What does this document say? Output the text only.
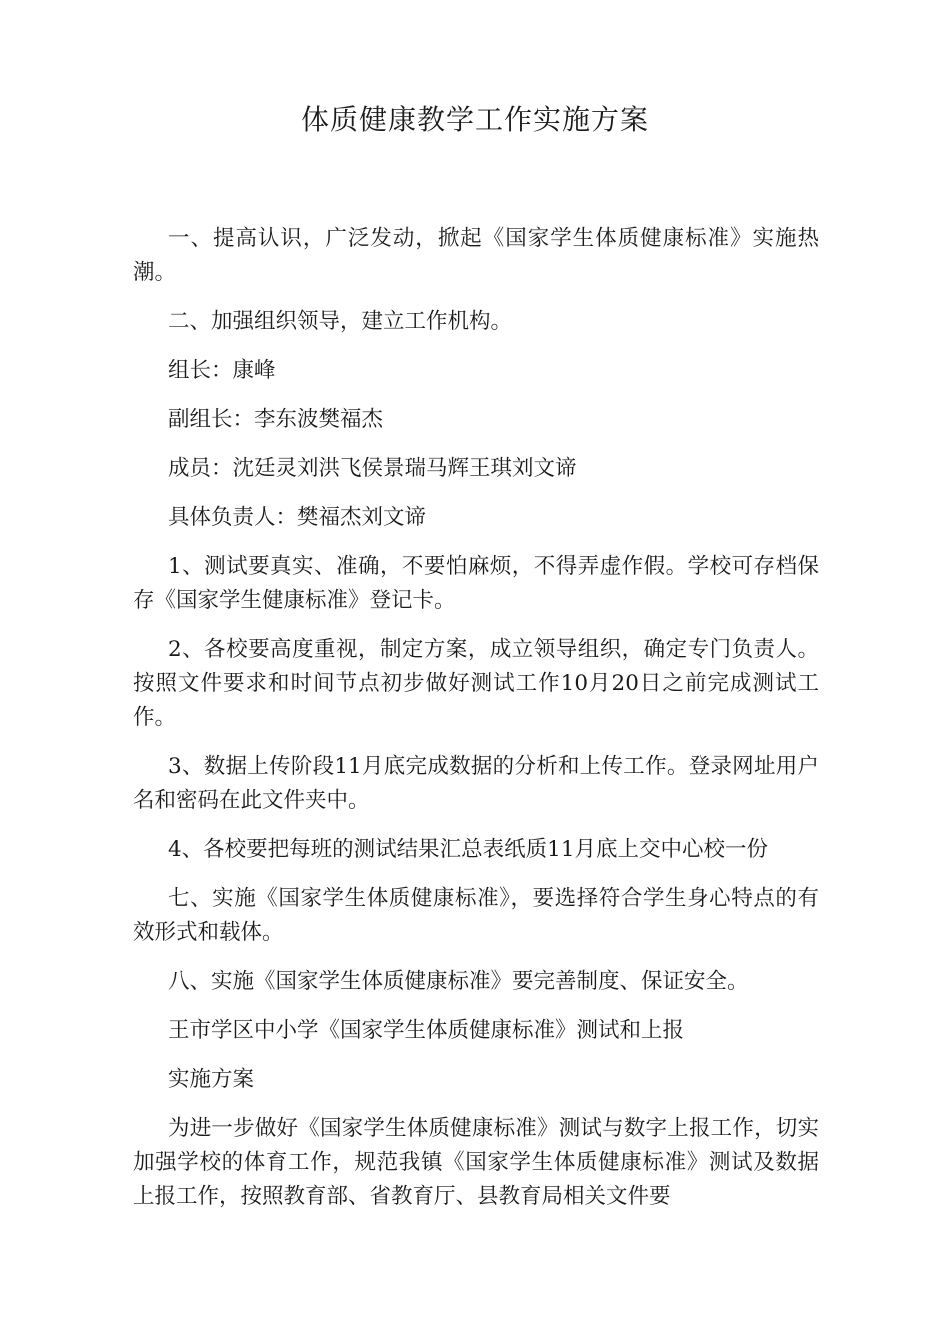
体质健康教学工作实施方案

一、提高认识，广泛发动，掀起《国家学生体质健康标准》实施热潮。

二、加强组织领导，建立工作机构。

组长：康峰

副组长：李东波樊福杰

成员：沈廷灵刘洪飞侯景瑞马辉王琪刘文谛

具体负责人：樊福杰刘文谛

1、测试要真实、准确，不要怕麻烦，不得弄虚作假。学校可存档保存《国家学生健康标准》登记卡。

2、各校要高度重视，制定方案，成立领导组织，确定专门负责人。按照文件要求和时间节点初步做好测试工作10月20日之前完成测试工作。

3、数据上传阶段11月底完成数据的分析和上传工作。登录网址用户名和密码在此文件夹中。

4、各校要把每班的测试结果汇总表纸质11月底上交中心校一份

七、实施《国家学生体质健康标准》，要选择符合学生身心特点的有效形式和载体。

八、实施《国家学生体质健康标准》要完善制度、保证安全。

王市学区中小学《国家学生体质健康标准》测试和上报

实施方案

为进一步做好《国家学生体质健康标准》测试与数字上报工作，切实加强学校的体育工作，规范我镇《国家学生体质健康标准》测试及数据上报工作，按照教育部、省教育厅、县教育局相关文件要
